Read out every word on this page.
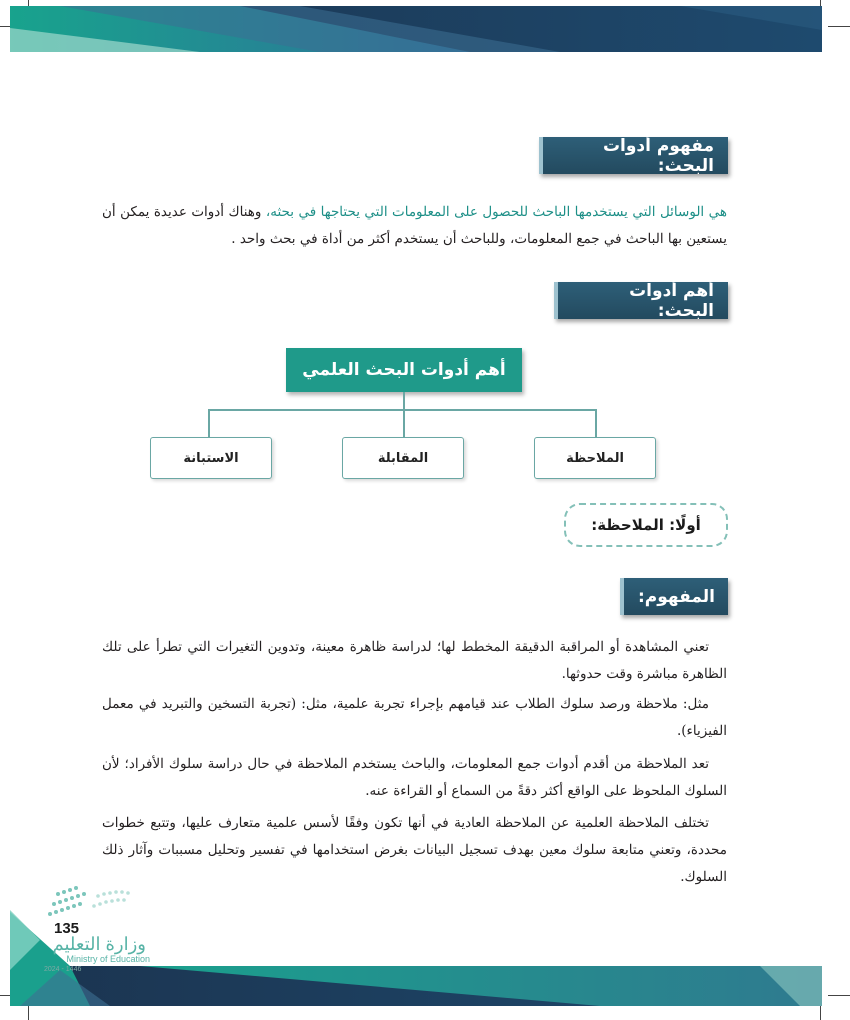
مفهوم أدوات البحث:
هي الوسائل التي يستخدمها الباحث للحصول على المعلومات التي يحتاجها في بحثه، وهناك أدوات عديدة يمكن أن يستعين بها الباحث في جمع المعلومات، وللباحث أن يستخدم أكثر من أداة في بحث واحد .
أهم أدوات البحث:
أهم أدوات البحث العلمي
الملاحظة
المقابلة
الاستبانة
أولًا: الملاحظة:
المفهوم:
تعني المشاهدة أو المراقبة الدقيقة المخطط لها؛ لدراسة ظاهرة معينة، وتدوين التغيرات التي تطرأ على تلك الظاهرة مباشرة وقت حدوثها.
مثل: ملاحظة ورصد سلوك الطلاب عند قيامهم بإجراء تجربة علمية، مثل: (تجربة التسخين والتبريد في معمل الفيزياء).
تعد الملاحظة من أقدم أدوات جمع المعلومات، والباحث يستخدم الملاحظة في حال دراسة سلوك الأفراد؛ لأن السلوك الملحوظ على الواقع أكثر دقةً من السماع أو القراءة عنه.
تختلف الملاحظة العلمية عن الملاحظة العادية في أنها تكون وفقًا لأسس علمية متعارف عليها، وتتبع خطوات محددة، وتعني متابعة سلوك معين بهدف تسجيل البيانات بغرض استخدامها في تفسير وتحليل مسببات وآثار ذلك السلوك.
135
وزارة التعليم
Ministry of Education
2024 - 1446
